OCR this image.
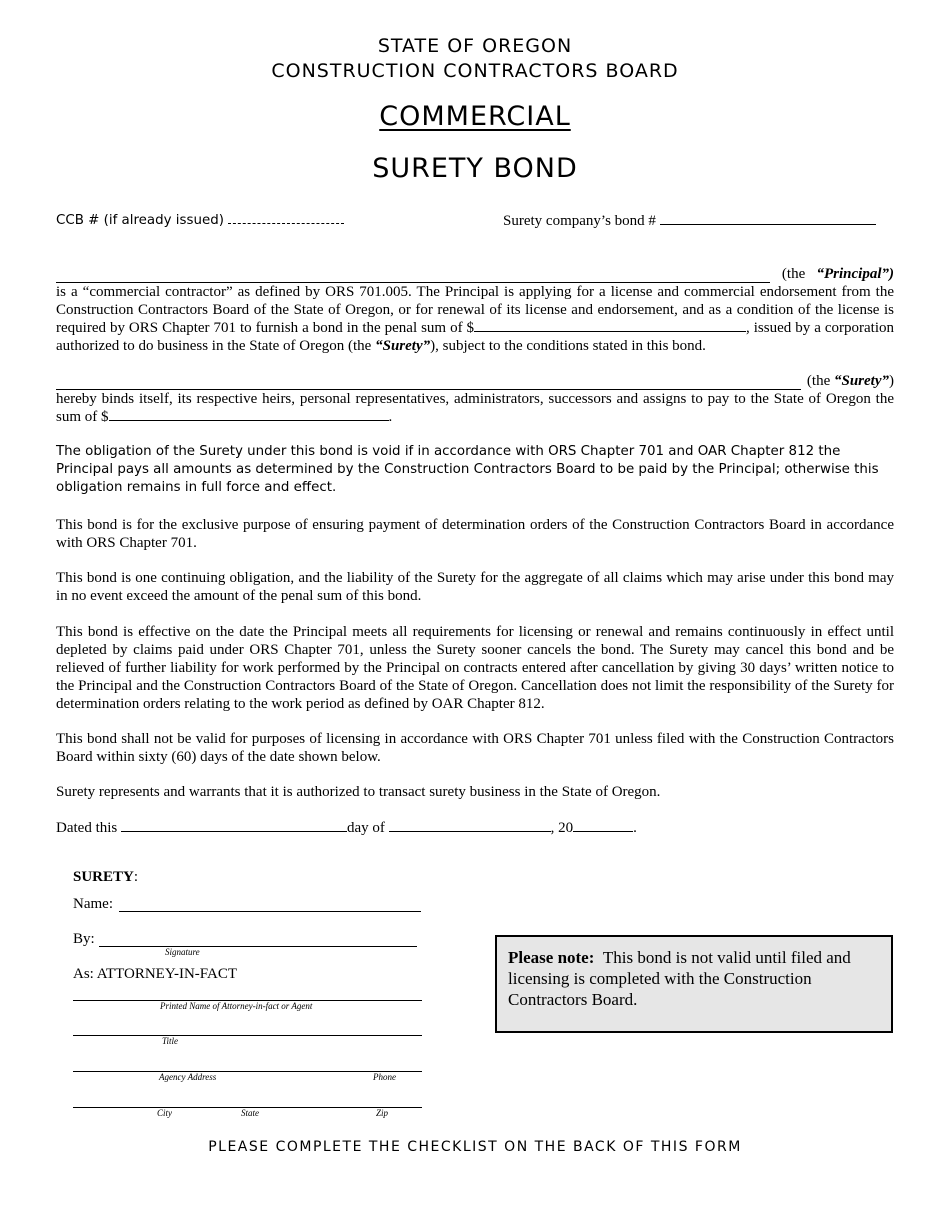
STATE OF OREGON
CONSTRUCTION CONTRACTORS BOARD
COMMERCIAL
SURETY BOND
CCB # (if already issued)	Surety company’s bond #
(the
“Principal”)
is a “commercial contractor” as defined by ORS 701.005. The Principal is applying for a license and commercial endorsement from the Construction Contractors Board of the State of Oregon, or for renewal of its license and endorsement, and as a condition of the license is required by ORS Chapter 701 to furnish a bond in the penal sum of $	, issued by a corporation authorized to do business in the State of Oregon (the “Surety”), subject to the conditions stated in this bond.
(the
“Surety” )
hereby binds itself, its respective heirs, personal representatives, administrators, successors and assigns to pay to the State of Oregon the sum of $	.
The obligation of the Surety under this bond is void if in accordance with ORS Chapter 701 and OAR Chapter 812 the Principal pays all amounts as determined by the Construction Contractors Board to be paid by the Principal; otherwise this obligation remains in full force and effect.
This bond is for the exclusive purpose of ensuring payment of determination orders of the Construction Contractors Board in accordance with ORS Chapter 701.
This bond is one continuing obligation, and the liability of the Surety for the aggregate of all claims which may arise under this bond may in no event exceed the amount of the penal sum of this bond.
This bond is effective on the date the Principal meets all requirements for licensing or renewal and remains continuously in effect until depleted by claims paid under ORS Chapter 701, unless the Surety sooner cancels the bond. The Surety may cancel this bond and be relieved of further liability for work performed by the Principal on contracts entered after cancellation by giving 30 days’ written notice to the Principal and the Construction Contractors Board of the State of Oregon. Cancellation does not limit the responsibility of the Surety for determination orders relating to the work period as defined by OAR Chapter 812.
This bond shall not be valid for purposes of licensing in accordance with ORS Chapter 701 unless filed with the Construction Contractors Board within sixty (60) days of the date shown below.
Surety represents and warrants that it is authorized to transact surety business in the State of Oregon.
Dated this	day of	, 20	.
SURETY:
Name:
By:
Signature
As: ATTORNEY-IN-FACT
Printed Name of Attorney-in-fact or Agent
Title
Agency Address	Phone
City	State	Zip
Please note: This bond is not valid until filed and licensing is completed with the Construction Contractors Board.
PLEASE COMPLETE THE CHECKLIST ON THE BACK OF THIS FORM
